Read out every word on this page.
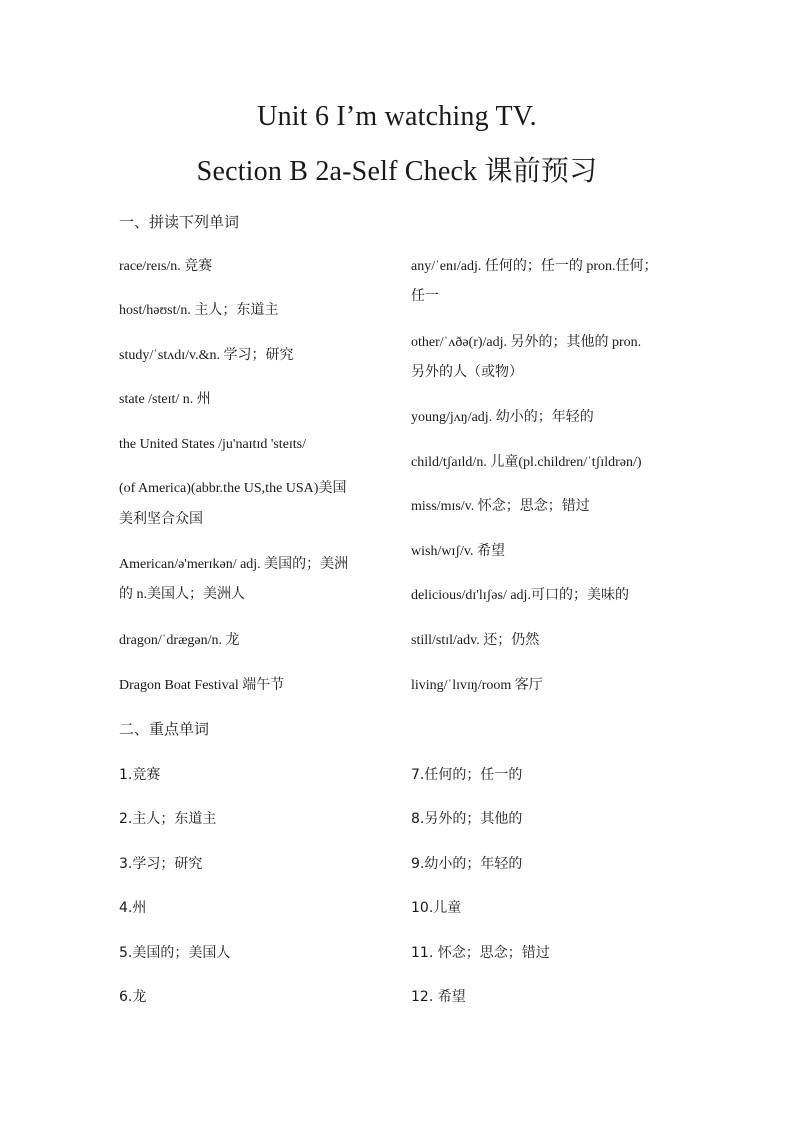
Unit 6 I’m watching TV.
Section B 2a-Self Check 课前预习
一、拼读下列单词
race/reɪs/n. 竞赛
host/həʊst/n. 主人；东道主
study/ˈstʌdɪ/v.&n. 学习；研究
state /steɪt/ n. 州
the United States /ju'naɪtɪd 'steɪts/
(of America)(abbr.the US,the USA)美国
美利坚合众国
American/ə'merɪkən/ adj. 美国的；美洲
的 n.美国人；美洲人
dragon/ˈdrægən/n. 龙
Dragon Boat Festival 端午节
any/ˈenɪ/adj. 任何的；任一的 pron.任何；
任一
other/ˈʌðə(r)/adj. 另外的；其他的 pron.
另外的人（或物）
young/jʌŋ/adj. 幼小的；年轻的
child/tʃaɪld/n. 儿童(pl.children/ˈtʃɪldrən/)
miss/mɪs/v. 怀念；思念；错过
wish/wɪʃ/v. 希望
delicious/dɪ'lɪʃəs/ adj.可口的；美味的
still/stɪl/adv. 还；仍然
living/ˈlɪvɪŋ/room 客厅
二、重点单词
1.竞赛
2.主人；东道主
3.学习；研究
4.州
5.美国的；美国人
6.龙
7.任何的；任一的
8.另外的；其他的
9.幼小的；年轻的
10.儿童
11. 怀念；思念；错过
12. 希望
